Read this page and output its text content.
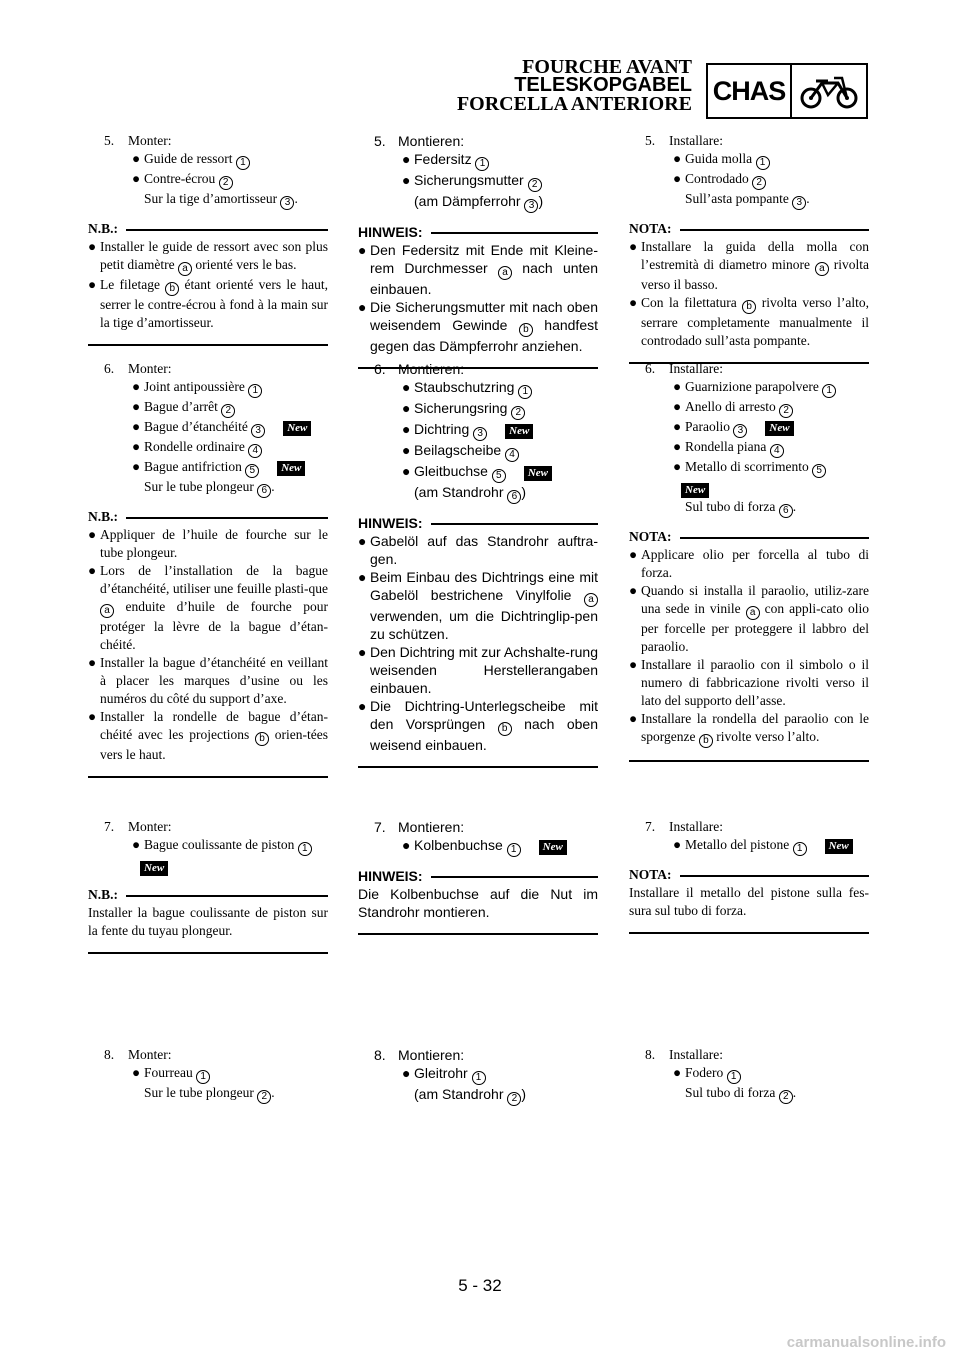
FOURCHE AVANT
TELESKOPGABEL
FORCELLA ANTERIORE CHAS
5.	Monter:
● Guide de ressort 1
● Contre-écrou 2
Sur la tige d’amortisseur 3 .
N.B.:
● Installer le guide de ressort avec son plus petit diamètre a orienté vers le bas.
● Le filetage b étant orienté vers le haut, serrer le contre-écrou à fond à la main sur la tige d’amortisseur.
6.	Monter:
● Joint antipoussière 1
● Bague d’arrêt 2
● Bague d’étanchéité 3 New
● Rondelle ordinaire 4
● Bague antifriction 5 New
Sur le tube plongeur 6 .
N.B.:
● Appliquer de l’huile de fourche sur le tube plongeur.
● Lors de l’installation de la bague d’étanchéité, utiliser une feuille plasti-que a enduite d’huile de fourche pour protéger la lèvre de la bague d’étan-chéité.
● Installer la bague d’étanchéité en veillant à placer les marques d’usine ou les numéros du côté du support d’axe.
● Installer la rondelle de bague d’étan-chéité avec les projections b orien-tées vers le haut.
7.	Monter:
● Bague coulissante de piston 1
New
N.B.:
Installer la bague coulissante de piston sur la fente du tuyau plongeur.
8.	Monter:
● Fourreau 1
Sur le tube plongeur 2 .
5. Montieren:
● Federsitz 1
● Sicherungsmutter 2
(am Dämpferrohr 3 )
HINWEIS:
● Den Federsitz mit Ende mit Kleine-rem Durchmesser a nach unten einbauen.
● Die Sicherungsmutter mit nach oben weisendem Gewinde b handfest gegen das Dämpferrohr anziehen.
6. Montieren:
● Staubschutzring 1
● Sicherungsring 2
● Dichtring 3 New
● Beilagscheibe 4
● Gleitbuchse 5 New
(am Standrohr 6 )
HINWEIS:
● Gabelöl auf das Standrohr auftra-gen.
● Beim Einbau des Dichtrings eine mit Gabelöl bestrichene Vinylfolie a verwenden, um die Dichtringlip-pen zu schützen.
● Den Dichtring mit zur Achshalte-rung weisenden Herstellerangaben einbauen.
● Die Dichtring-Unterlegscheibe mit den Vorsprüngen b nach oben weisend einbauen.
7. Montieren:
● Kolbenbuchse 1 New
HINWEIS:
Die Kolbenbuchse auf die Nut im Standrohr montieren.
8. Montieren:
● Gleitrohr 1
(am Standrohr 2 )
5.	Installare:
● Guida molla 1
● Controdado 2
Sull’asta pompante 3 .
NOTA:
● Installare la guida della molla con l’estremità di diametro minore a rivolta verso il basso.
● Con la filettatura b rivolta verso l’alto, serrare completamente manualmente il controdado sull’asta pompante.
6.	Installare:
● Guarnizione parapolvere 1
● Anello di arresto 2
● Paraolio 3 New
● Rondella piana 4
● Metallo di scorrimento 5
New
Sul tubo di forza 6 .
NOTA:
● Applicare olio per forcella al tubo di forza.
● Quando si installa il paraolio, utiliz-zare una sede in vinile a con appli-cato olio per forcelle per proteggere il labbro del paraolio.
● Installare il paraolio con il simbolo o il numero di fabbricazione rivolti verso il lato del supporto dell’asse.
● Installare la rondella del paraolio con le sporgenze b rivolte verso l’alto.
7.	Installare:
● Metallo del pistone 1 New
NOTA:
Installare il metallo del pistone sulla fes-sura sul tubo di forza.
8.	Installare:
● Fodero 1
Sul tubo di forza 2 .
5 - 32
carmanualsonline.info
